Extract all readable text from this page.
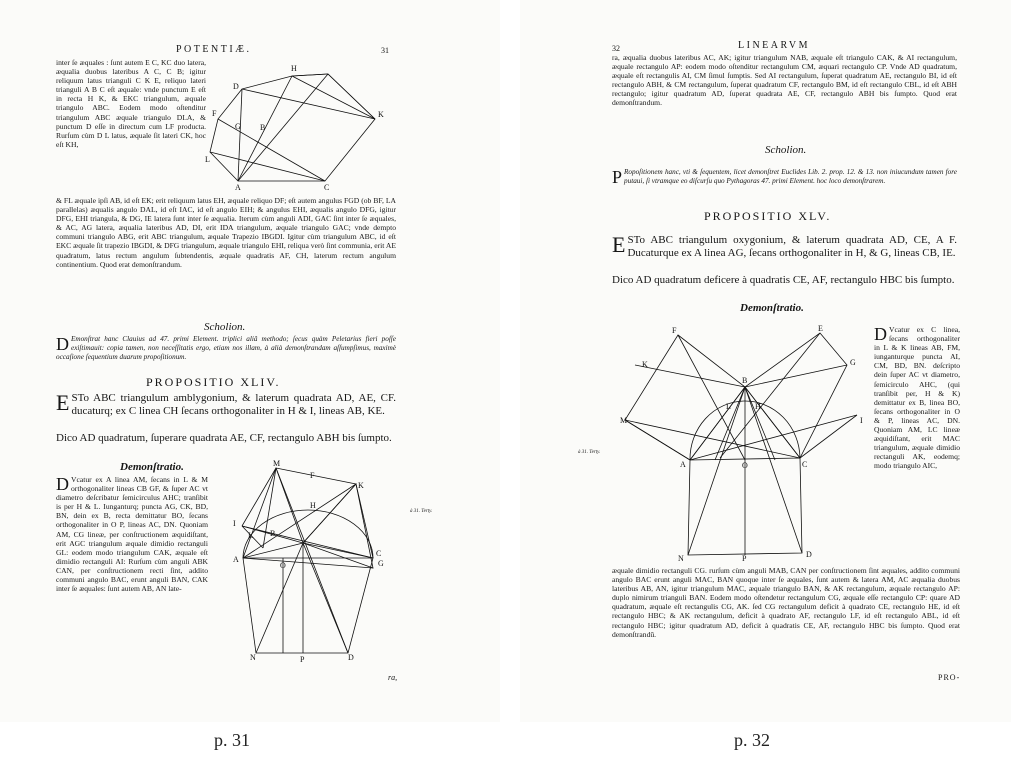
POTENTIÆ.	31

inter ſe æquales : ſunt autem E C, KC duo latera, æqualia duobus lateribus A C, C B; igitur reliquum latus trianguli C K E, reliquo lateri trianguli A B C eſt æquale: vnde punctum E eſt in recta H K, & EKC triangulum, æquale triangulo ABC. Eodem modo oſtenditur triangulum ABC æquale triangulo DLA, & punctum D eſſe in directum cum LF producta. Rurſum cùm D L latus, æquale ſit lateri CK, hoc eſt KH,

H
D
F	K
G B
L
A	C

& FL æquale ipſi AB, id eſt EK; erit reliquum latus EH, æquale reliquo DF; eſt autem angulus FGD (ob BF, LA parallelas) æqualis angulo DAL, id eſt IAC, id eſt angulo EIH; & angulus EHI, æqualis angulo DFG, igitur DFG, EHI triangula, & DG, IE latera ſunt inter ſe æqualia. Iterum cùm anguli ADI, GAC ſint inter ſe æquales, & AC, AG latera, æqualia lateribus AD, DI, erit IDA triangulum, æquale triangulo GAC; vnde dempto communi triangulo ABG, erit ABC triangulum, æquale Trapezio IBGDI. Igitur cùm triangulum ABC, id eſt EKC æquale ſit trapezio IBGDI, & DFG triangulum, æquale triangulo EHI, reliqua verò ſint communia, erit AE quadratum, latus rectum angulum ſubtendentis, æquale quadratis AF, CH, laterum rectum angulum continentium. Quod erat demonſtrandum.

Scholion.

D Emonſtrat hanc Clauius ad 47. primi Element. triplici aliâ methodo; ſecus quàm Peletarius fieri poſſe exiſtimauit: copia tamen, non neceſſitatis ergo, etiam nos illam, à alià demonſtrandam aſſumpſimus, maximè occaſione ſequentium duarum propoſitionum.

PROPOSITIO XLIV.

E STo ABC triangulum amblygonium, & laterum quadrata AD, AE, CF. ducaturq; ex C linea CH ſecans orthogonaliter in H & I, lineas AB, KE.

Dico AD quadratum, ſuperare quadrata AE, CF, rectangulo ABH bis ſumpto.

Demonſtratio.

D Vcatur ex A linea AM, ſecans in L & M orthogonaliter lineas CB GF, & ſuper AC vt diametro deſcribatur ſemicirculus AHC; tranſibit is per H & L. Iunganturq; puncta AG, CK, BD, BN, dein ex B, recta demittatur BO, ſecans orthogonaliter in O P, lineas AC, DN. Quoniam AM, CG lineæ, per conſtructionem æquidiſtant, erit AGC triangulum æquale dimidio rectanguli GL: eodem modo triangulum CAK, æquale eſt dimidio rectanguli AI: Rurſum cùm anguli ABK CAN, per conſtructionem recti ſint, addito communi angulo BAC, erunt anguli BAN, CAK inter ſe æquales: ſunt autem AB, AN late-

M
F
I
K
L
H
G
B
A
O
C
N	P	D
à 31. Terty.
ra,
32	LINEARVM

ra, æqualia duobus lateribus AC, AK; igitur triangulum NAB, æquale eſt triangulo CAK, & AI rectangulum, æquale rectangulo AP: eodem modo oſtenditur rectangulum CM, æquari rectangulo CP. Vnde AD quadratum, æquale eſt rectangulis AI, CM ſimul ſumptis. Sed AI rectangulum, ſuperat quadratum AE, rectangulo BI, id eſt rectangulo ABH, & CM rectangulum, ſuperat quadratum CF, rectangulo BM, id eſt rectangulo CBL, id eſt ABH rectangulo; igitur quadratum AD, ſuperat quadrata AE, CF, rectangulo ABH bis ſumpto. Quod erat demonſtrandum.

Scholion.

P Ropoſitionem hanc, vti & ſequentem, licet demonſtret Euclides Lib. 2. prop. 12. & 13. non iniucundum tamen fore putaui, ſi vtramque eo diſcurſu quo Pythagoras 47. primi Element. hoc loco demonſtrarem.

PROPOSITIO XLV.

E STo ABC triangulum oxygonium, & laterum quadrata AD, CE, A F. Ducaturque ex A linea AG, ſecans orthogonaliter in H, & G, lineas CB, IE.

Dico AD quadratum deficere à quadratis CE, AF, rectangulo HBC bis ſumpto.

Demonſtratio.
F	E
K	G
M
L	H
B
I
A	O	C
N	P	D
à 31. Terty.

D Vcatur ex C linea, ſecans orthogonaliter in L & K lineas AB, FM, iunganturque puncta AI, CM, BD, BN. deſcripto dein ſuper AC vt diametro, ſemicirculo AHC, (qui tranſibit per, H & K) demittatur ex B, linea BO, ſecans orthogonaliter in O & P, lineas AC, DN. Quoniam AM, LC lineæ æquidiſtant, erit MAC triangulum, æquale dimidio rectanguli AK, eodemq; modo triangulo AIC,

æquale dimidio rectanguli CG. rurſum cùm anguli MAB, CAN per conſtructionem ſint æquales, addito communi angulo BAC erunt anguli MAC, BAN quoque inter ſe æquales, ſunt autem & latera AM, AC æqualia duobus lateribus AB, AN, igitur triangulum MAC, æquale triangulo BAN, & AK rectangulum, æquale rectangulo AP: duplo nimirum trianguli BAN. Eodem modo oſtendetur rectangulum CG, æquale eſſe rectangulo CP: quare AD quadratum, æquale eſt rectangulis CG, AK. ſed CG rectangulum deficit à quadrato CE, rectangulo HE, id eſt rectangulo HBC; & AK rectangulum, deficit à quadrato AF, rectangulo LF, id eſt rectangulo ABL, id eſt rectangulo HBC; igitur quadratum AD, deficit à quadratis CE, AF, rectangulo HBC bis ſumpto. Quod erat demonſtrandū.

PRO-
p. 31	p. 32
